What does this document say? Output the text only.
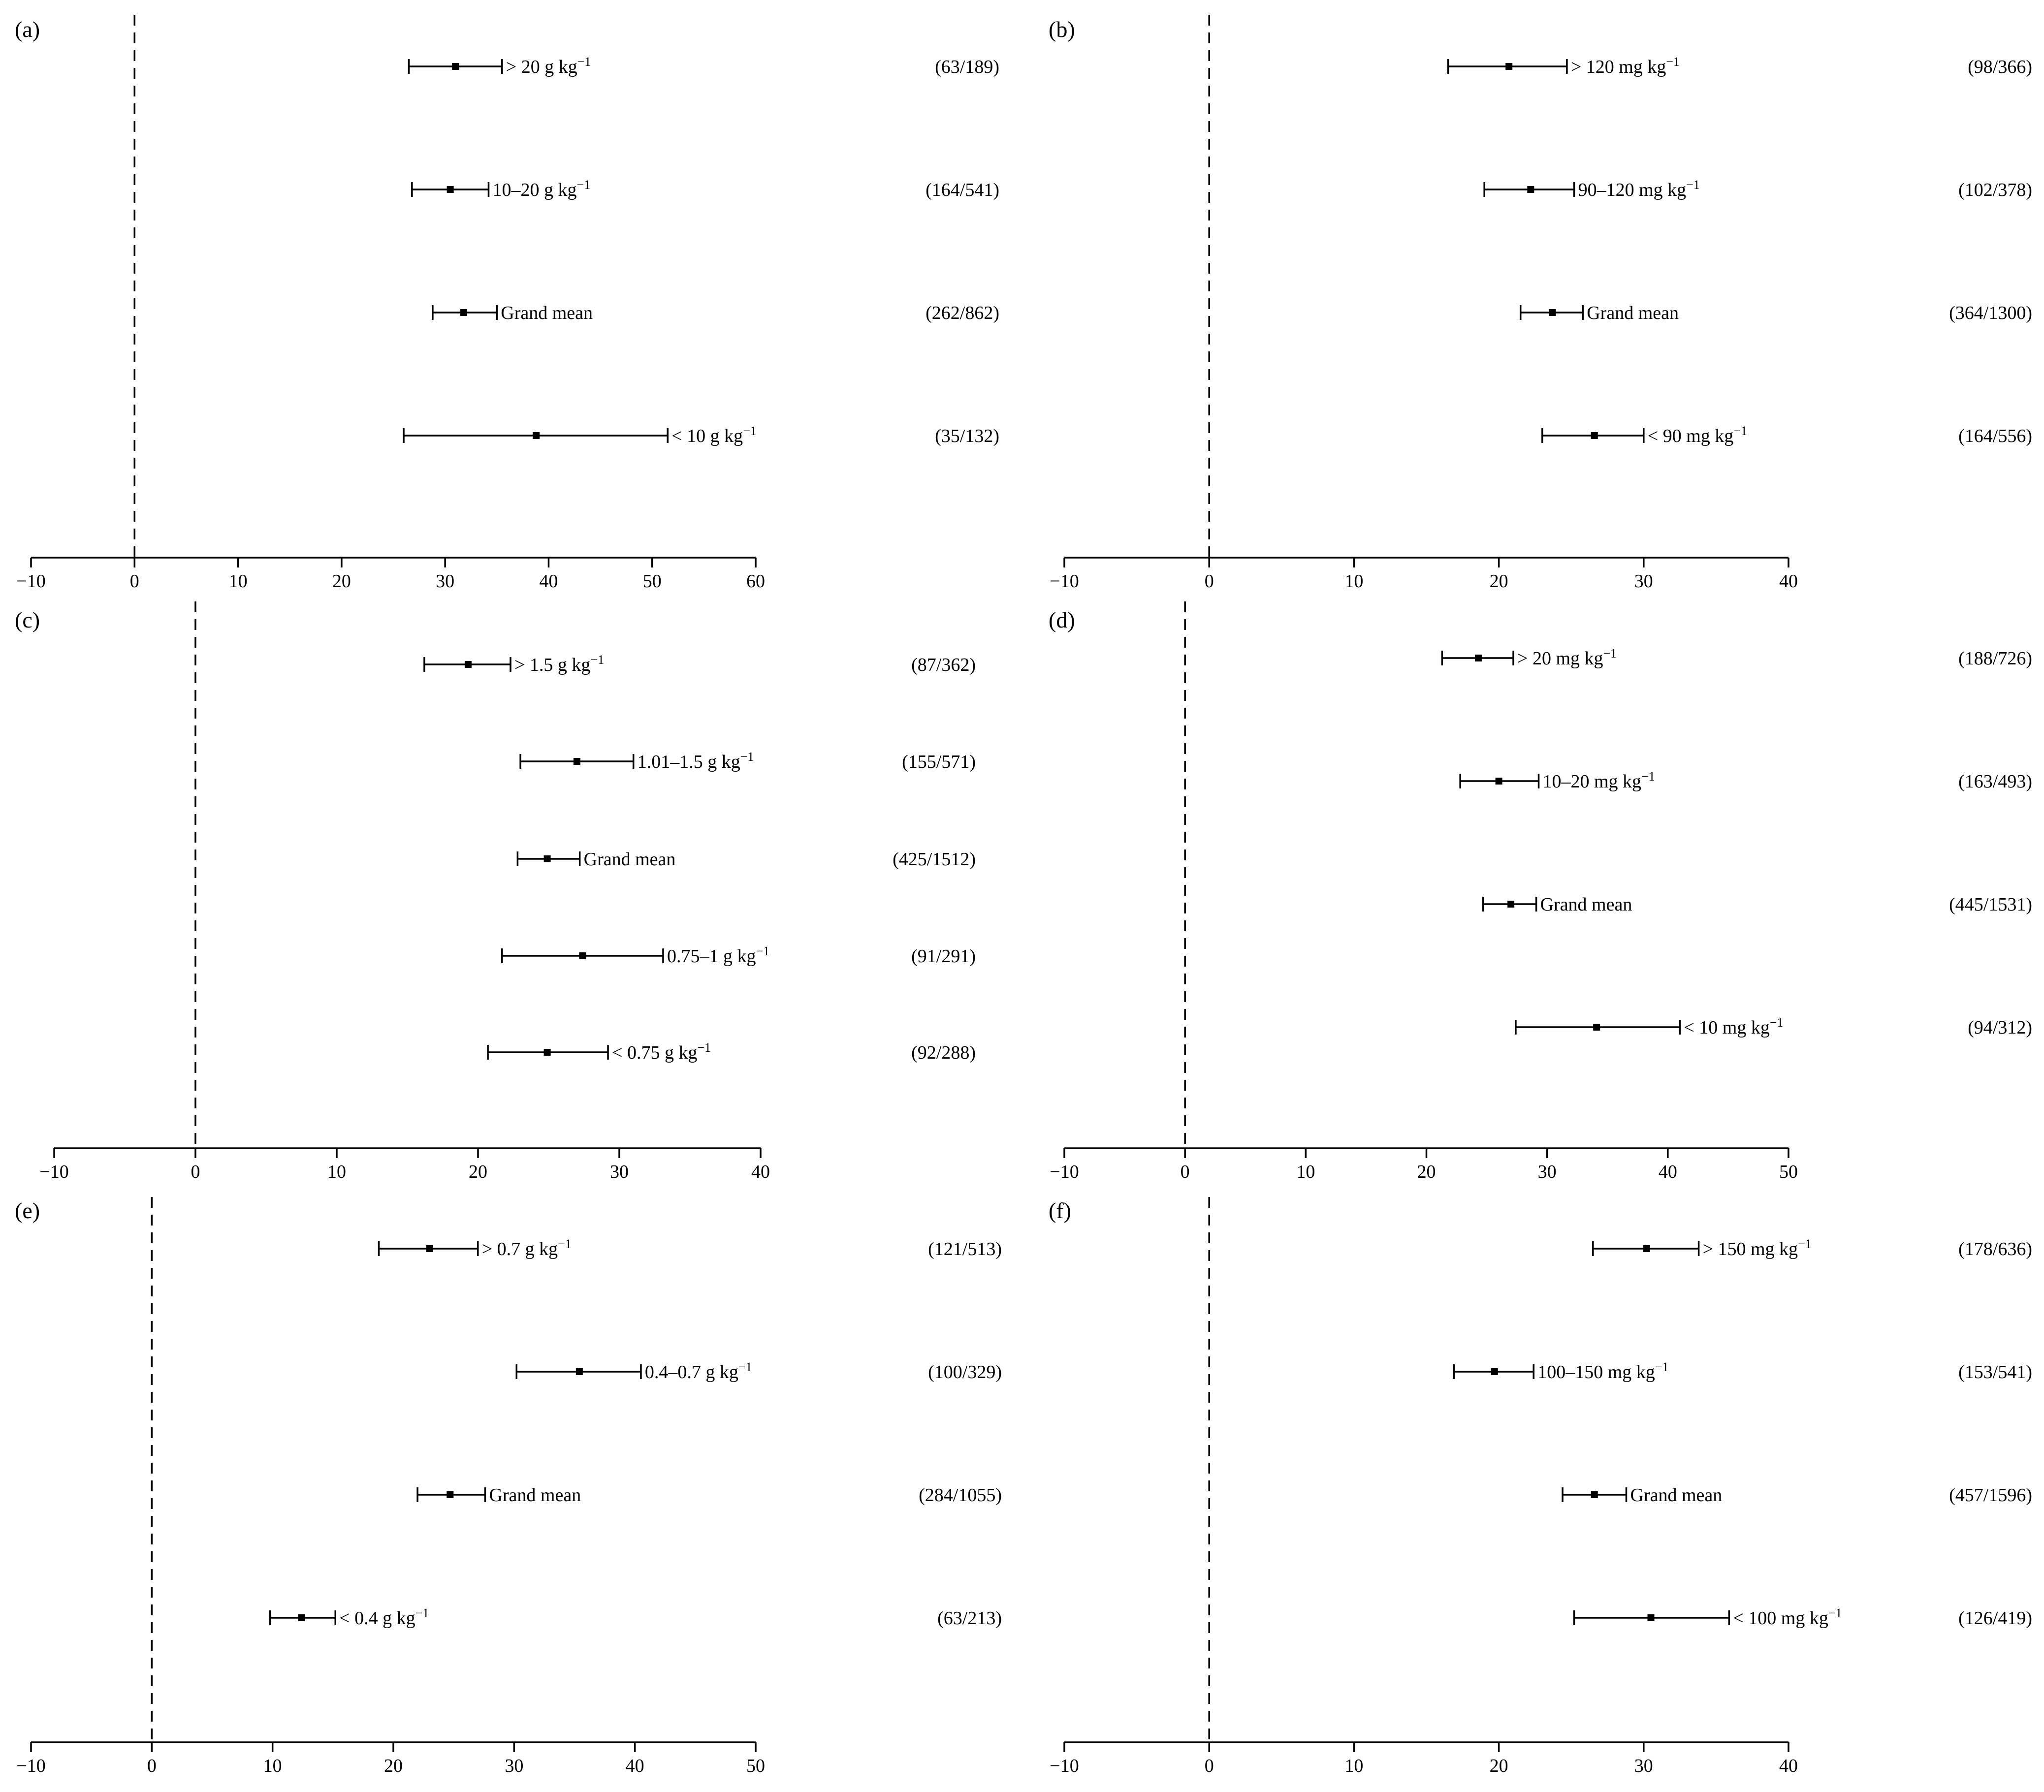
(a)
−10	0	10	20	30	40	50	60
> 20 g $kg^{-1}$	(63/189)
10–20 g $kg^{-1}$	(164/541)
Grand mean	(262/862)
< 10 g $kg^{-1}$	(35/132)
(b)
−10	0	10	20	30	40
> 120 mg $kg^{-1}$	(98/366)
90–120 mg $kg^{-1}$	(102/378)
Grand mean	(364/1300)
< 90 mg $kg^{-1}$	(164/556)
(c)
−10	0	10	20	30	40
> 1.5 g $kg^{-1}$	(87/362)
1.01–1.5 g $kg^{-1}$	(155/571)
Grand mean	(425/1512)
0.75–1 g $kg^{-1}$	(91/291)
< 0.75 g $kg^{-1}$	(92/288)
(d)
−10	0	10	20	30	40	50
> 20 mg $kg^{-1}$	(188/726)
10–20 mg $kg^{-1}$	(163/493)
Grand mean	(445/1531)
< 10 mg $kg^{-1}$	(94/312)
(e)
−10	0	10	20	30	40	50
> 0.7 g $kg^{-1}$	(121/513)
0.4–0.7 g $kg^{-1}$	(100/329)
Grand mean	(284/1055)
< 0.4 g $kg^{-1}$	(63/213)
(f)
−10	0	10	20	30	40
> 150 mg $kg^{-1}$	(178/636)
100–150 mg $kg^{-1}$	(153/541)
Grand mean	(457/1596)
< 100 mg $kg^{-1}$	(126/419)
